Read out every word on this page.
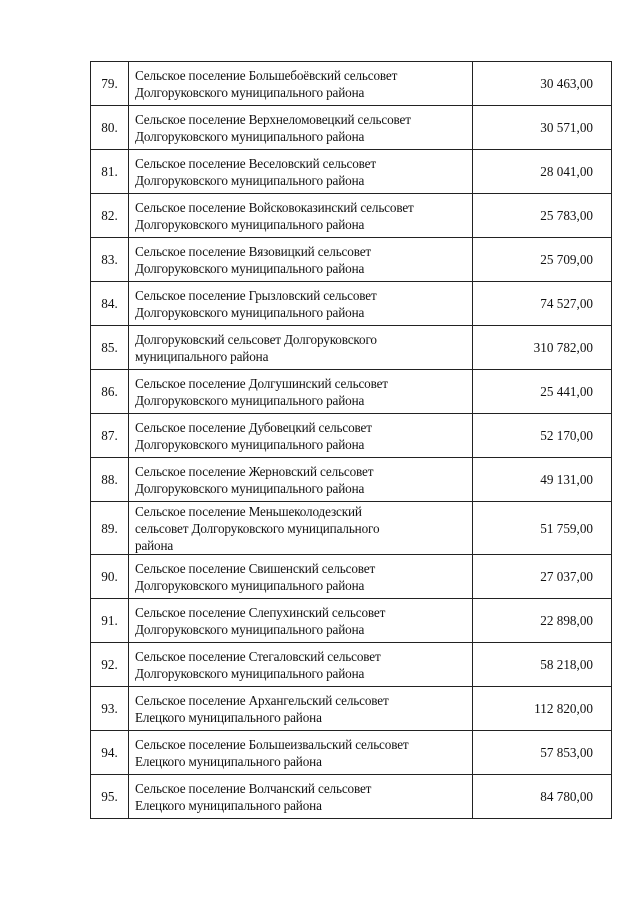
79.	Сельское поселение Большебоёвский сельсовет
Долгоруковского муниципального района	30 463,00
80.	Сельское поселение Верхнеломовецкий сельсовет
Долгоруковского муниципального района	30 571,00
81.	Сельское поселение Веселовский сельсовет
Долгоруковского муниципального района	28 041,00
82.	Сельское поселение Войсковоказинский сельсовет
Долгоруковского муниципального района	25 783,00
83.	Сельское поселение Вязовицкий сельсовет
Долгоруковского муниципального района	25 709,00
84.	Сельское поселение Грызловский сельсовет
Долгоруковского муниципального района	74 527,00
85.	Долгоруковский сельсовет Долгоруковского
муниципального района	310 782,00
86.	Сельское поселение Долгушинский сельсовет
Долгоруковского муниципального района	25 441,00
87.	Сельское поселение Дубовецкий сельсовет
Долгоруковского муниципального района	52 170,00
88.	Сельское поселение Жерновский сельсовет
Долгоруковского муниципального района	49 131,00
89.	Сельское поселение Меньшеколодезский
сельсовет Долгоруковского муниципального
района	51 759,00
90.	Сельское поселение Свишенский сельсовет
Долгоруковского муниципального района	27 037,00
91.	Сельское поселение Слепухинский сельсовет
Долгоруковского муниципального района	22 898,00
92.	Сельское поселение Стегаловский сельсовет
Долгоруковского муниципального района	58 218,00
93.	Сельское поселение Архангельский сельсовет
Елецкого муниципального района	112 820,00
94.	Сельское поселение Большеизвальский сельсовет
Елецкого муниципального района	57 853,00
95.	Сельское поселение Волчанский сельсовет
Елецкого муниципального района	84 780,00
